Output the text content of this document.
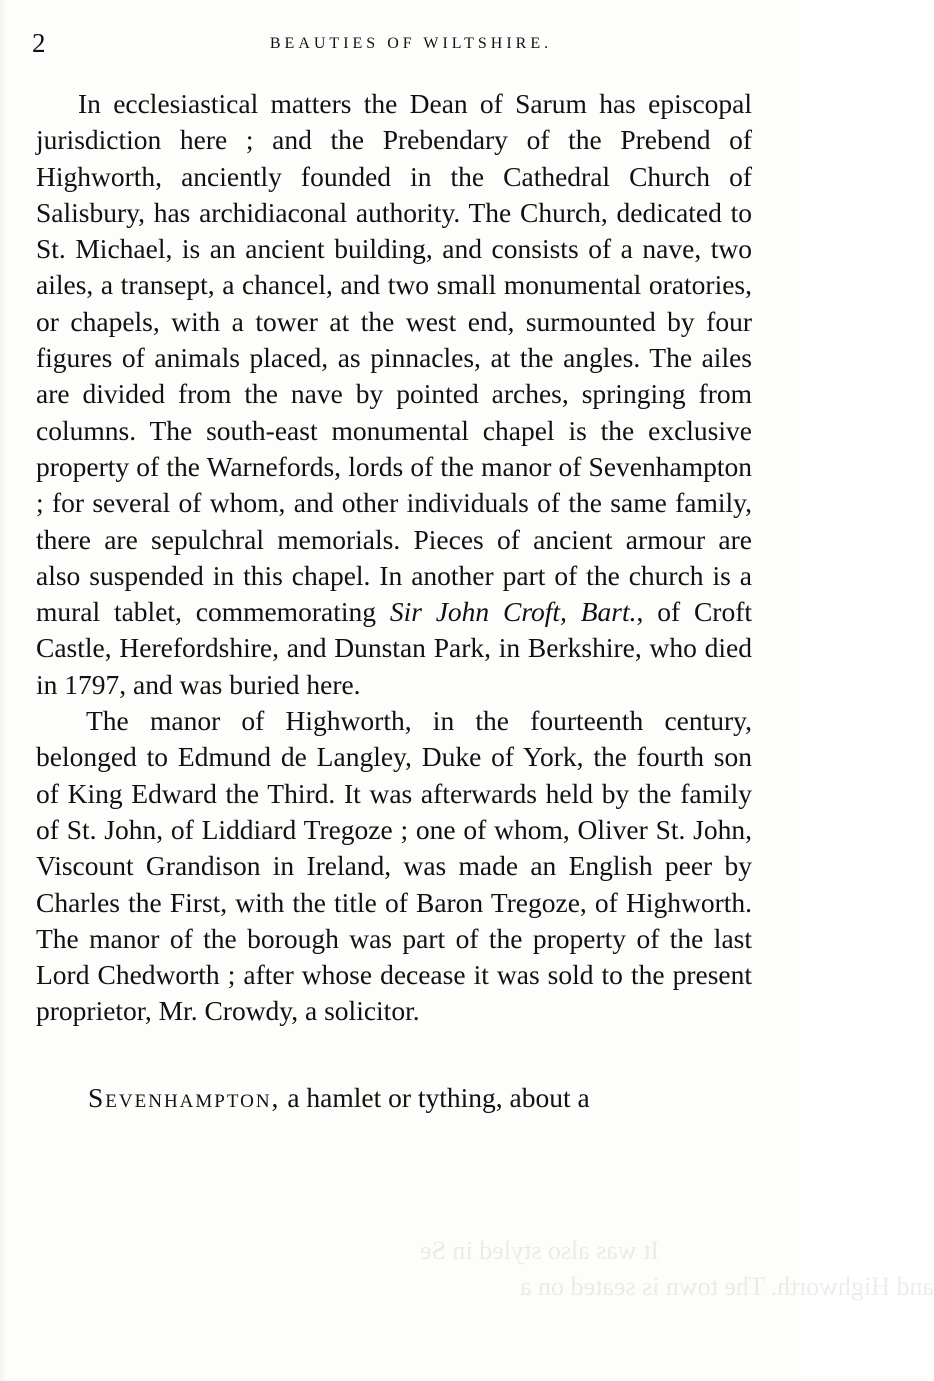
2	BEAUTIES OF WILTSHIRE.
It was also styled in Se
and Highworth. The town is seated on a

In ecclesiastical matters the Dean of Sarum has episcopal jurisdiction here ; and the Prebendary of the Prebend of Highworth, anciently founded in the Cathedral Church of Salisbury, has archidiaconal authority. The Church, dedicated to St. Michael, is an ancient building, and consists of a nave, two ailes, a transept, a chancel, and two small monumental oratories, or chapels, with a tower at the west end, surmounted by four figures of animals placed, as pinnacles, at the angles. The ailes are divided from the nave by pointed arches, springing from columns. The south-east monumental chapel is the exclusive property of the Warnefords, lords of the manor of Sevenhampton ; for several of whom, and other individuals of the same family, there are sepulchral memorials. Pieces of ancient armour are also suspended in this chapel. In another part of the church is a mural tablet, commemorating Sir John Croft, Bart., of Croft Castle, Herefordshire, and Dunstan Park, in Berkshire, who died in 1797, and was buried here.

The manor of Highworth, in the fourteenth century, belonged to Edmund de Langley, Duke of York, the fourth son of King Edward the Third. It was afterwards held by the family of St. John, of Liddiard Tregoze ; one of whom, Oliver St. John, Viscount Grandison in Ireland, was made an English peer by Charles the First, with the title of Baron Tregoze, of Highworth. The manor of the borough was part of the property of the last Lord Chedworth ; after whose decease it was sold to the present proprietor, Mr. Crowdy, a solicitor.

Sevenhampton, a hamlet or tything, about a
